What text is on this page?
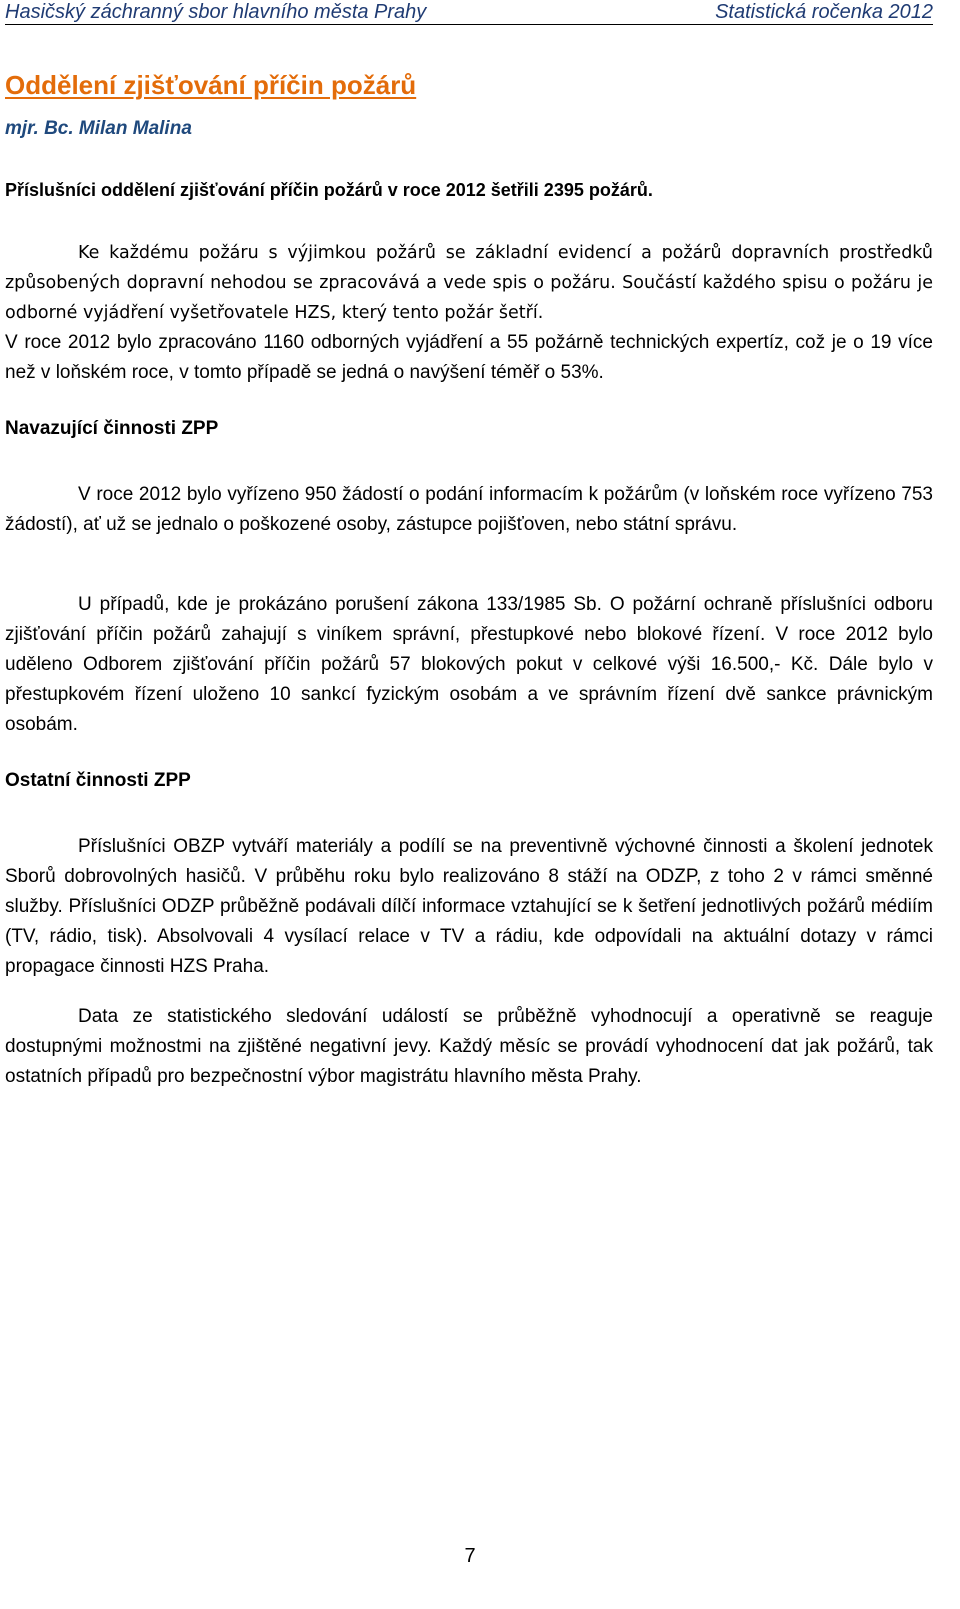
Hasičský záchranný sbor hlavního města Prahy	Statistická ročenka 2012
Oddělení zjišťování příčin požárů
mjr. Bc. Milan Malina
Příslušníci oddělení zjišťování příčin požárů v roce 2012 šetřili 2395 požárů.

Ke každému požáru s výjimkou požárů se základní evidencí a požárů dopravních prostředků způsobených dopravní nehodou se zpracovává a vede spis o požáru. Součástí každého spisu o požáru je odborné vyjádření vyšetřovatele HZS, který tento požár šetří.

V roce 2012 bylo zpracováno 1160 odborných vyjádření a 55 požárně technických expertíz, což je o 19 více než v loňském roce, v tomto případě se jedná o navýšení téměř o 53%.

Navazující činnosti ZPP

V roce 2012 bylo vyřízeno 950 žádostí o podání informacím k požárům (v loňském roce vyřízeno 753 žádostí), ať už se jednalo o poškozené osoby, zástupce pojišťoven, nebo státní správu.

U případů, kde je prokázáno porušení zákona 133/1985 Sb. O požární ochraně příslušníci odboru zjišťování příčin požárů zahajují s viníkem správní, přestupkové nebo blokové řízení. V roce 2012 bylo uděleno Odborem zjišťování příčin požárů 57 blokových pokut v celkové výši 16.500,- Kč. Dále bylo v přestupkovém řízení uloženo 10 sankcí fyzickým osobám a ve správním řízení dvě sankce právnickým osobám.

Ostatní činnosti ZPP

Příslušníci OBZP vytváří materiály a podílí se na preventivně výchovné činnosti a školení jednotek Sborů dobrovolných hasičů. V průběhu roku bylo realizováno 8 stáží na ODZP, z toho 2 v rámci směnné služby. Příslušníci ODZP průběžně podávali dílčí informace vztahující se k šetření jednotlivých požárů médiím (TV, rádio, tisk). Absolvovali 4 vysílací relace v TV a rádiu, kde odpovídali na aktuální dotazy v rámci propagace činnosti HZS Praha.

Data ze statistického sledování událostí se průběžně vyhodnocují a operativně se reaguje dostupnými možnostmi na zjištěné negativní jevy. Každý měsíc se provádí vyhodnocení dat jak požárů, tak ostatních případů pro bezpečnostní výbor magistrátu hlavního města Prahy.

7
